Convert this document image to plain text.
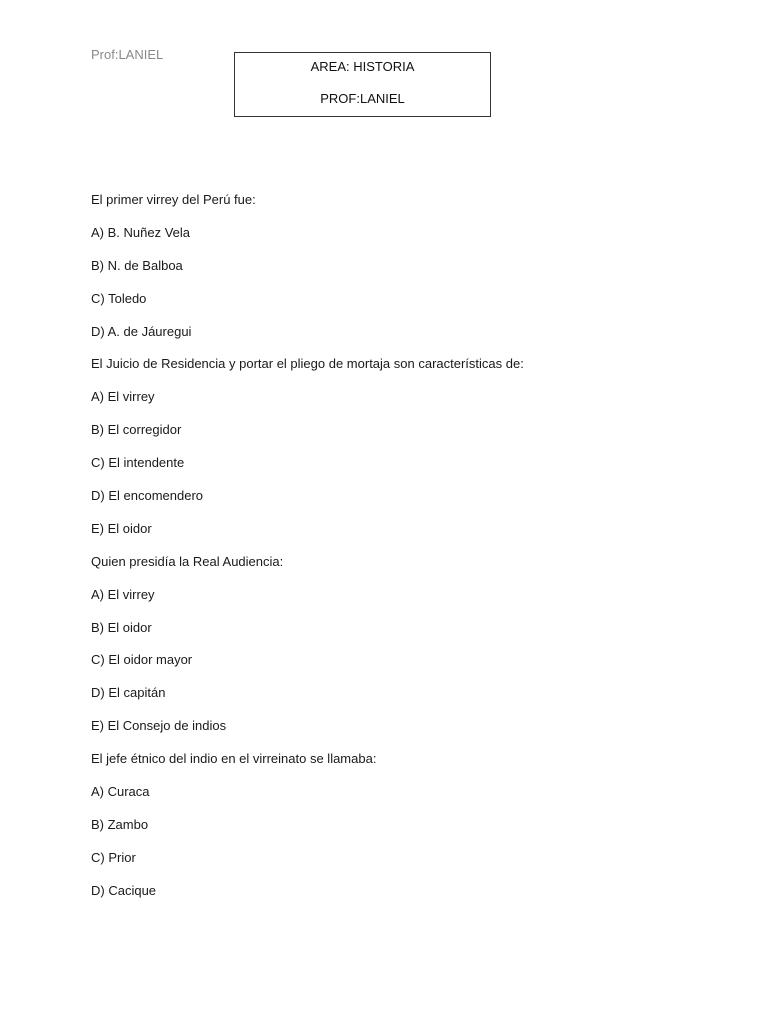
Prof:LANIEL
AREA: HISTORIA
PROF:LANIEL
El primer virrey del Perú fue:
A) B. Nuñez Vela
B) N. de Balboa
C) Toledo
D) A. de Jáuregui
El Juicio de Residencia y portar el pliego de mortaja son características de:
A) El virrey
B) El corregidor
C) El intendente
D) El encomendero
E) El oidor
Quien presidía la Real Audiencia:
A) El virrey
B) El oidor
C) El oidor mayor
D) El capitán
E) El Consejo de indios
El jefe étnico del indio en el virreinato se llamaba:
A) Curaca
B) Zambo
C) Prior
D) Cacique
